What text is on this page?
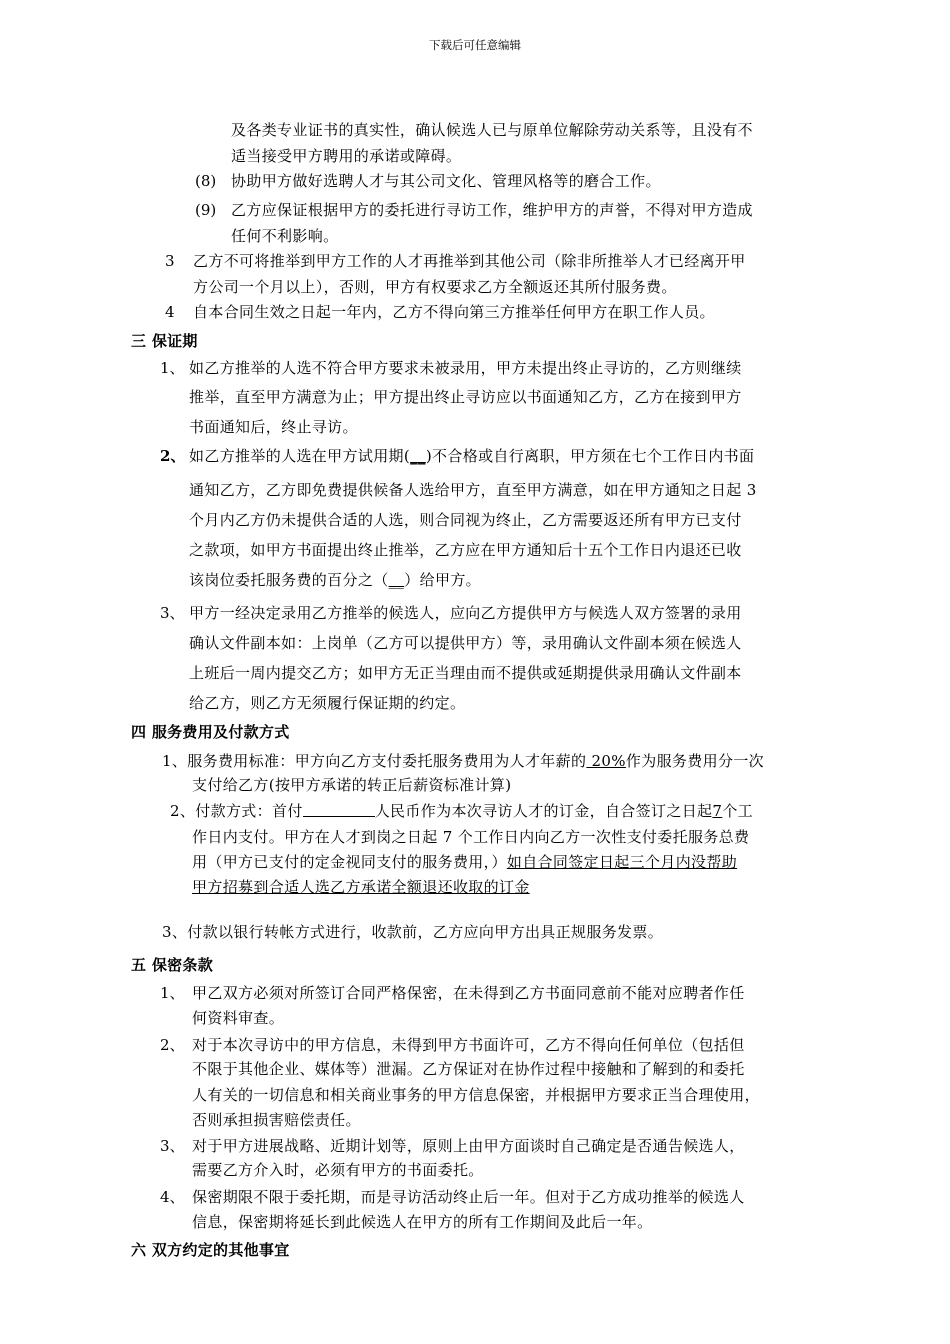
下载后可任意编辑
及各类专业证书的真实性，确认候选人已与原单位解除劳动关系等，且没有不
适当接受甲方聘用的承诺或障碍。
(8) 协助甲方做好选聘人才与其公司文化、管理风格等的磨合工作。
(9) 乙方应保证根据甲方的委托进行寻访工作，维护甲方的声誉，不得对甲方造成
任何不利影响。
3 乙方不可将推举到甲方工作的人才再推举到其他公司（除非所推举人才已经离开甲
方公司一个月以上），否则，甲方有权要求乙方全额返还其所付服务费。
4 自本合同生效之日起一年内，乙方不得向第三方推举任何甲方在职工作人员。
三 保证期
1、 如乙方推举的人选不符合甲方要求未被录用，甲方未提出终止寻访的，乙方则继续
推举，直至甲方满意为止；甲方提出终止寻访应以书面通知乙方，乙方在接到甲方
书面通知后，终止寻访。
2、 如乙方推举的人选在甲方试用期(__)不合格或自行离职，甲方须在七个工作日内书面
通知乙方，乙方即免费提供候备人选给甲方，直至甲方满意，如在甲方通知之日起 3
个月内乙方仍未提供合适的人选，则合同视为终止，乙方需要返还所有甲方已支付
之款项，如甲方书面提出终止推举，乙方应在甲方通知后十五个工作日内退还已收
该岗位委托服务费的百分之（__）给甲方。
3、 甲方一经决定录用乙方推举的候选人，应向乙方提供甲方与候选人双方签署的录用
确认文件副本如：上岗单（乙方可以提供甲方）等，录用确认文件副本须在候选人
上班后一周内提交乙方；如甲方无正当理由而不提供或延期提供录用确认文件副本
给乙方，则乙方无须履行保证期的约定。
四 服务费用及付款方式
1、服务费用标准：甲方向乙方支付委托服务费用为人才年薪的 20%作为服务费用分一次
支付给乙方(按甲方承诺的转正后薪资标准计算)
2、付款方式：首付	人民币作为本次寻访人才的订金，自合签订之日起7个工
作日内支付。甲方在人才到岗之日起 7 个工作日内向乙方一次性支付委托服务总费
用（甲方已支付的定金视同支付的服务费用，）如自合同签定日起三个月内没帮助
甲方招募到合适人选乙方承诺全额退还收取的订金
3、付款以银行转帐方式进行，收款前，乙方应向甲方出具正规服务发票。
五 保密条款
1、 甲乙双方必须对所签订合同严格保密，在未得到乙方书面同意前不能对应聘者作任
何资料审查。
2、 对于本次寻访中的甲方信息，未得到甲方书面许可，乙方不得向任何单位（包括但
不限于其他企业、媒体等）泄漏。乙方保证对在协作过程中接触和了解到的和委托
人有关的一切信息和相关商业事务的甲方信息保密，并根据甲方要求正当合理使用，
否则承担损害赔偿责任。
3、 对于甲方进展战略、近期计划等，原则上由甲方面谈时自己确定是否通告候选人，
需要乙方介入时，必须有甲方的书面委托。
4、 保密期限不限于委托期，而是寻访活动终止后一年。但对于乙方成功推举的候选人
信息，保密期将延长到此候选人在甲方的所有工作期间及此后一年。
六 双方约定的其他事宜
